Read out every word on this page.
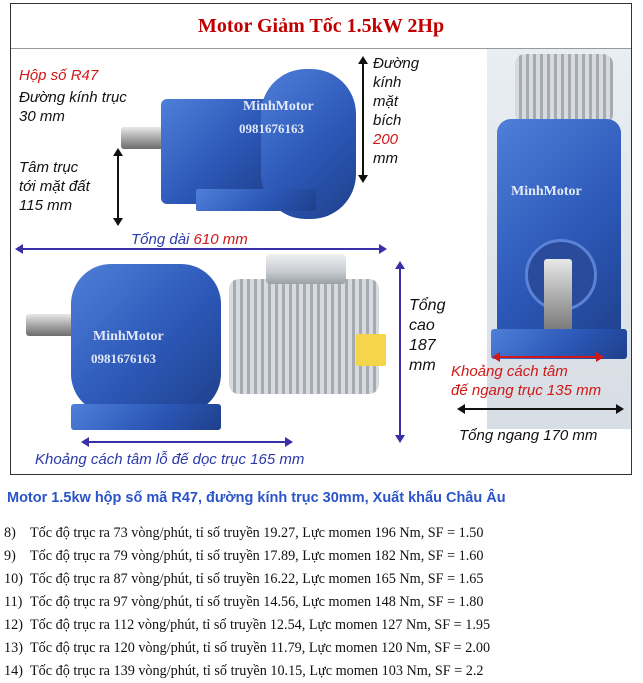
Motor Giảm Tốc 1.5kW 2Hp
MinhMotor
0981676163
MinhMotor
MinhMotor
0981676163
Hộp số R47
Đường kính trục 30 mm
Tâm trục
tới mặt đất
115 mm
Đường
kính
mặt
bích
200
mm
Tổng dài 610 mm
Tổng
cao
187
mm
Khoảng cách tâm lỗ đế dọc trục 165 mm
Khoảng cách tâm
đế ngang trục 135 mm
Tổng ngang 170 mm
Motor 1.5kw hộp số mã R47, đường kính trục 30mm, Xuất khẩu Châu Âu
8) Tốc độ trục ra 73 vòng/phút, tỉ số truyền 19.27, Lực momen 196 Nm, SF = 1.50
9) Tốc độ trục ra 79 vòng/phút, tỉ số truyền 17.89, Lực momen 182 Nm, SF = 1.60
10) Tốc độ trục ra 87 vòng/phút, tỉ số truyền 16.22, Lực momen 165 Nm, SF = 1.65
11) Tốc độ trục ra 97 vòng/phút, tỉ số truyền 14.56, Lực momen 148 Nm, SF = 1.80
12) Tốc độ trục ra 112 vòng/phút, tỉ số truyền 12.54, Lực momen 127 Nm, SF = 1.95
13) Tốc độ trục ra 120 vòng/phút, tỉ số truyền 11.79, Lực momen 120 Nm, SF = 2.00
14) Tốc độ trục ra 139 vòng/phút, tỉ số truyền 10.15, Lực momen 103 Nm, SF = 2.2
